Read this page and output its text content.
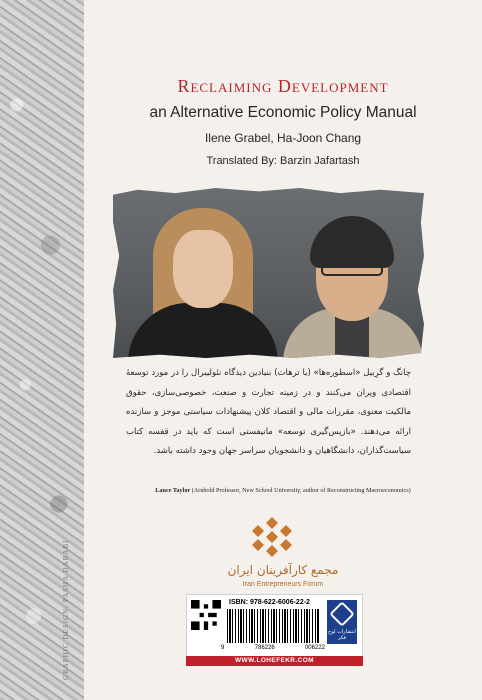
GRAPHIC DESIGN: PASHA DARABI
Reclaiming Development
an Alternative Economic Policy Manual
Ilene Grabel, Ha-Joon Chang
Translated By: Barzin Jafartash
چانگ و گرِبیل «اسطوره‌ها» (یا ترهات) بنیادین دیدگاه نئولیبرال را در مورد توسعهٔ اقتصادی ویران می‌کنند و در زمینه تجارت و صنعت، خصوصی‌سازی، حقوق مالکیت معنوی، مقررات مالی و اقتصاد کلان پیشنهادات سیاستی موجز و سازنده ارائه می‌دهند. «بازپس‌گیری توسعه» مانیفستی است که باید در قفسه کتاب سیاست‌گذاران، دانشگاهیان و دانشجویان سراسر جهان وجود داشته باشد.
Lance Taylor (Arnhold Professor, New School University, author of Reconstructing Macroeconomics)
مجمع کارآفرینان ایران
Iran Entrepreneurs Forum
ISBN: 978-622-6006-22-2
9	786226	006222
انتشارات لوح فکر
WWW.LOHEFEKR.COM
